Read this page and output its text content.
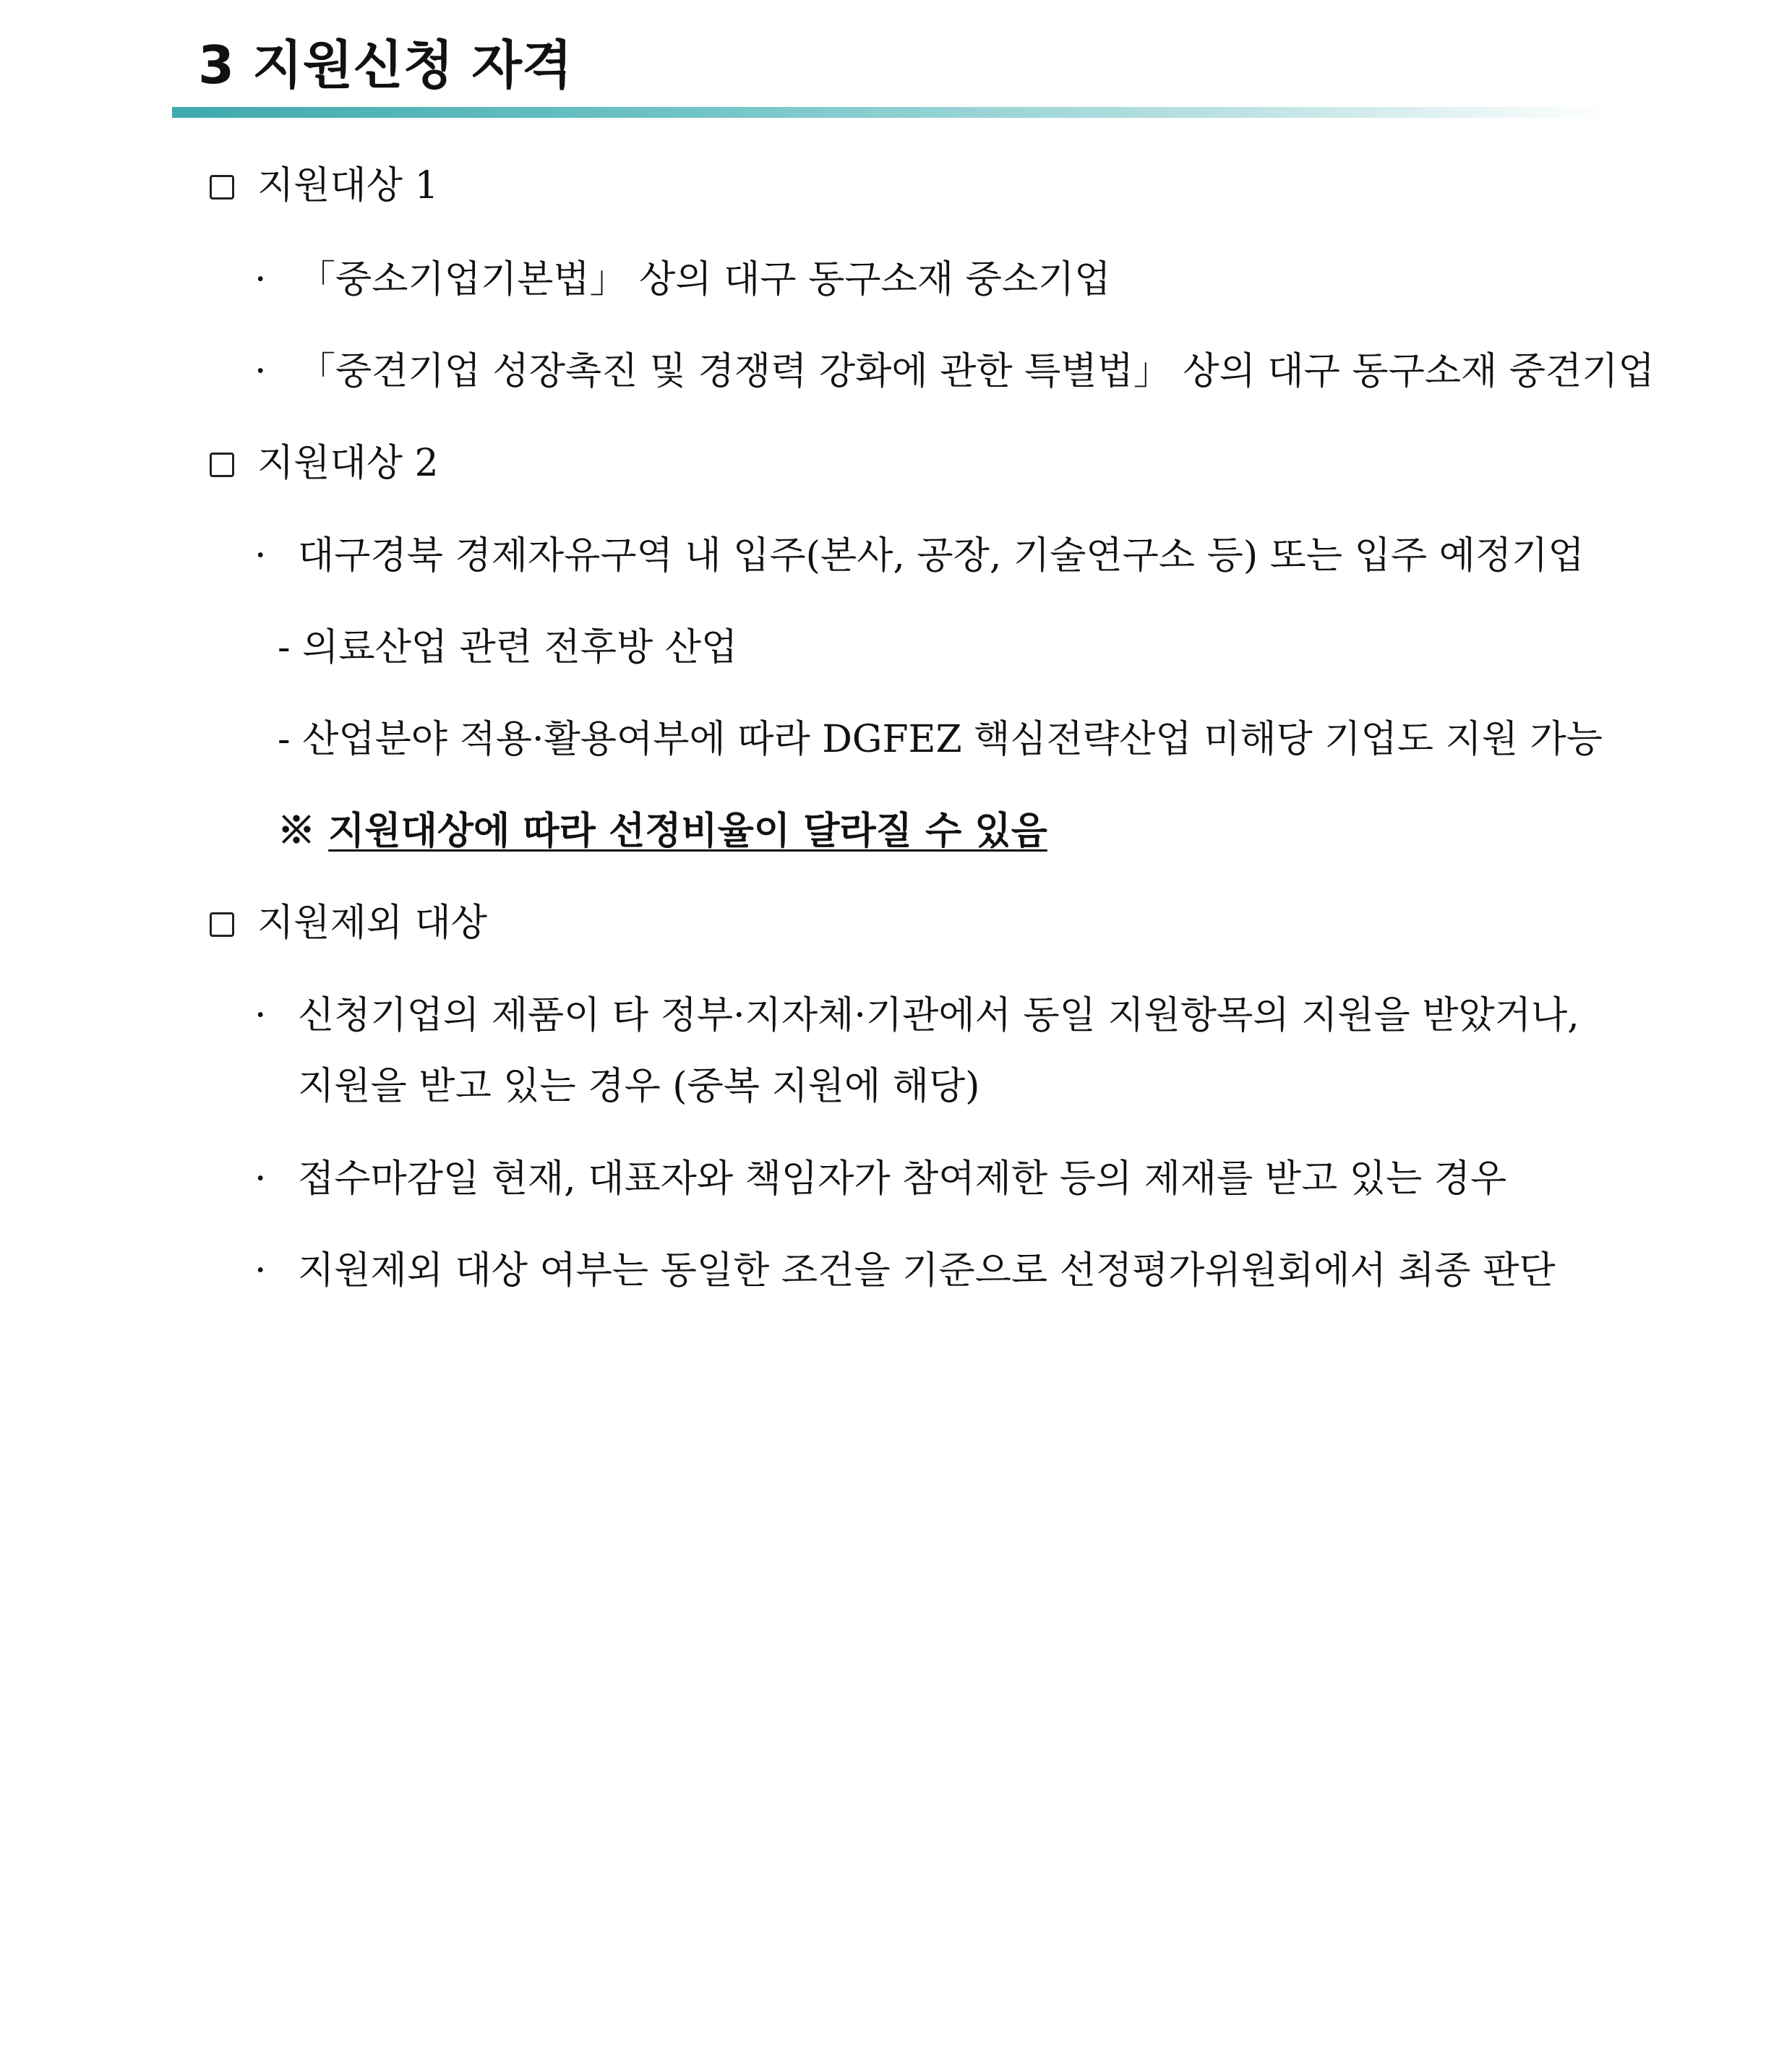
3 지원신청 자격
지원대상 1
· 「중소기업기본법」 상의 대구 동구소재 중소기업
· 「중견기업 성장촉진 및 경쟁력 강화에 관한 특별법」 상의 대구 동구소재 중견기업
지원대상 2
· 대구경북 경제자유구역 내 입주(본사, 공장, 기술연구소 등) 또는 입주 예정기업
- 의료산업 관련 전후방 산업
- 산업분야 적용·활용여부에 따라 DGFEZ 핵심전략산업 미해당 기업도 지원 가능
※ 지원대상에 따라 선정비율이 달라질 수 있음
지원제외 대상
· 신청기업의 제품이 타 정부·지자체·기관에서 동일 지원항목의 지원을 받았거나,
지원을 받고 있는 경우 (중복 지원에 해당)
· 접수마감일 현재, 대표자와 책임자가 참여제한 등의 제재를 받고 있는 경우
· 지원제외 대상 여부는 동일한 조건을 기준으로 선정평가위원회에서 최종 판단
